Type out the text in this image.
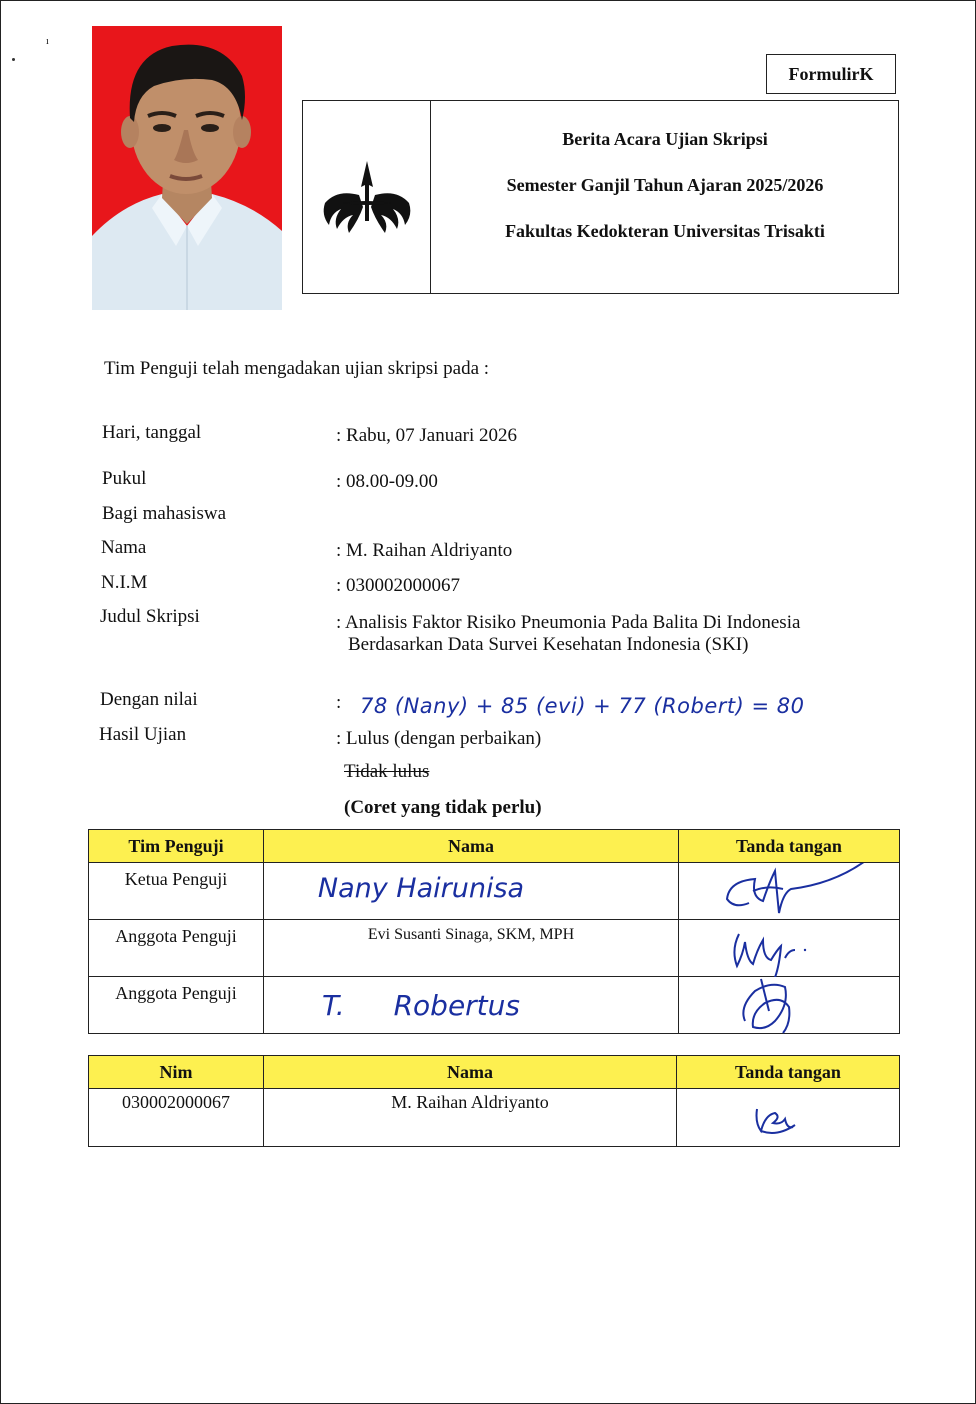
ı
FormulirK
Berita Acara Ujian Skripsi
Semester Ganjil Tahun Ajaran 2025/2026
Fakultas Kedokteran Universitas Trisakti
Tim Penguji telah mengadakan ujian skripsi pada :
Hari, tanggal	: Rabu, 07 Januari 2026
Pukul	: 08.00-09.00
Bagi mahasiswa
Nama	: M. Raihan Aldriyanto
N.I.M	: 030002000067
Judul Skripsi	: Analisis Faktor Risiko Pneumonia Pada Balita Di Indonesia
Berdasarkan Data Survei Kesehatan Indonesia (SKI)
Dengan nilai	: 78 (Nany) + 85 (evi) + 77 (Robert) = 80
Hasil Ujian	: Lulus (dengan perbaikan)
Tidak lulus
(Coret yang tidak perlu)
Tim Penguji	Nama	Tanda tangan
Ketua Penguji	Nany Hairunisa	

Anggota Penguji	Evi Susanti Sinaga, SKM, MPH	

Anggota Penguji	T. Robertus	
Nim	Nama	Tanda tangan
030002000067	M. Raihan Aldriyanto	
